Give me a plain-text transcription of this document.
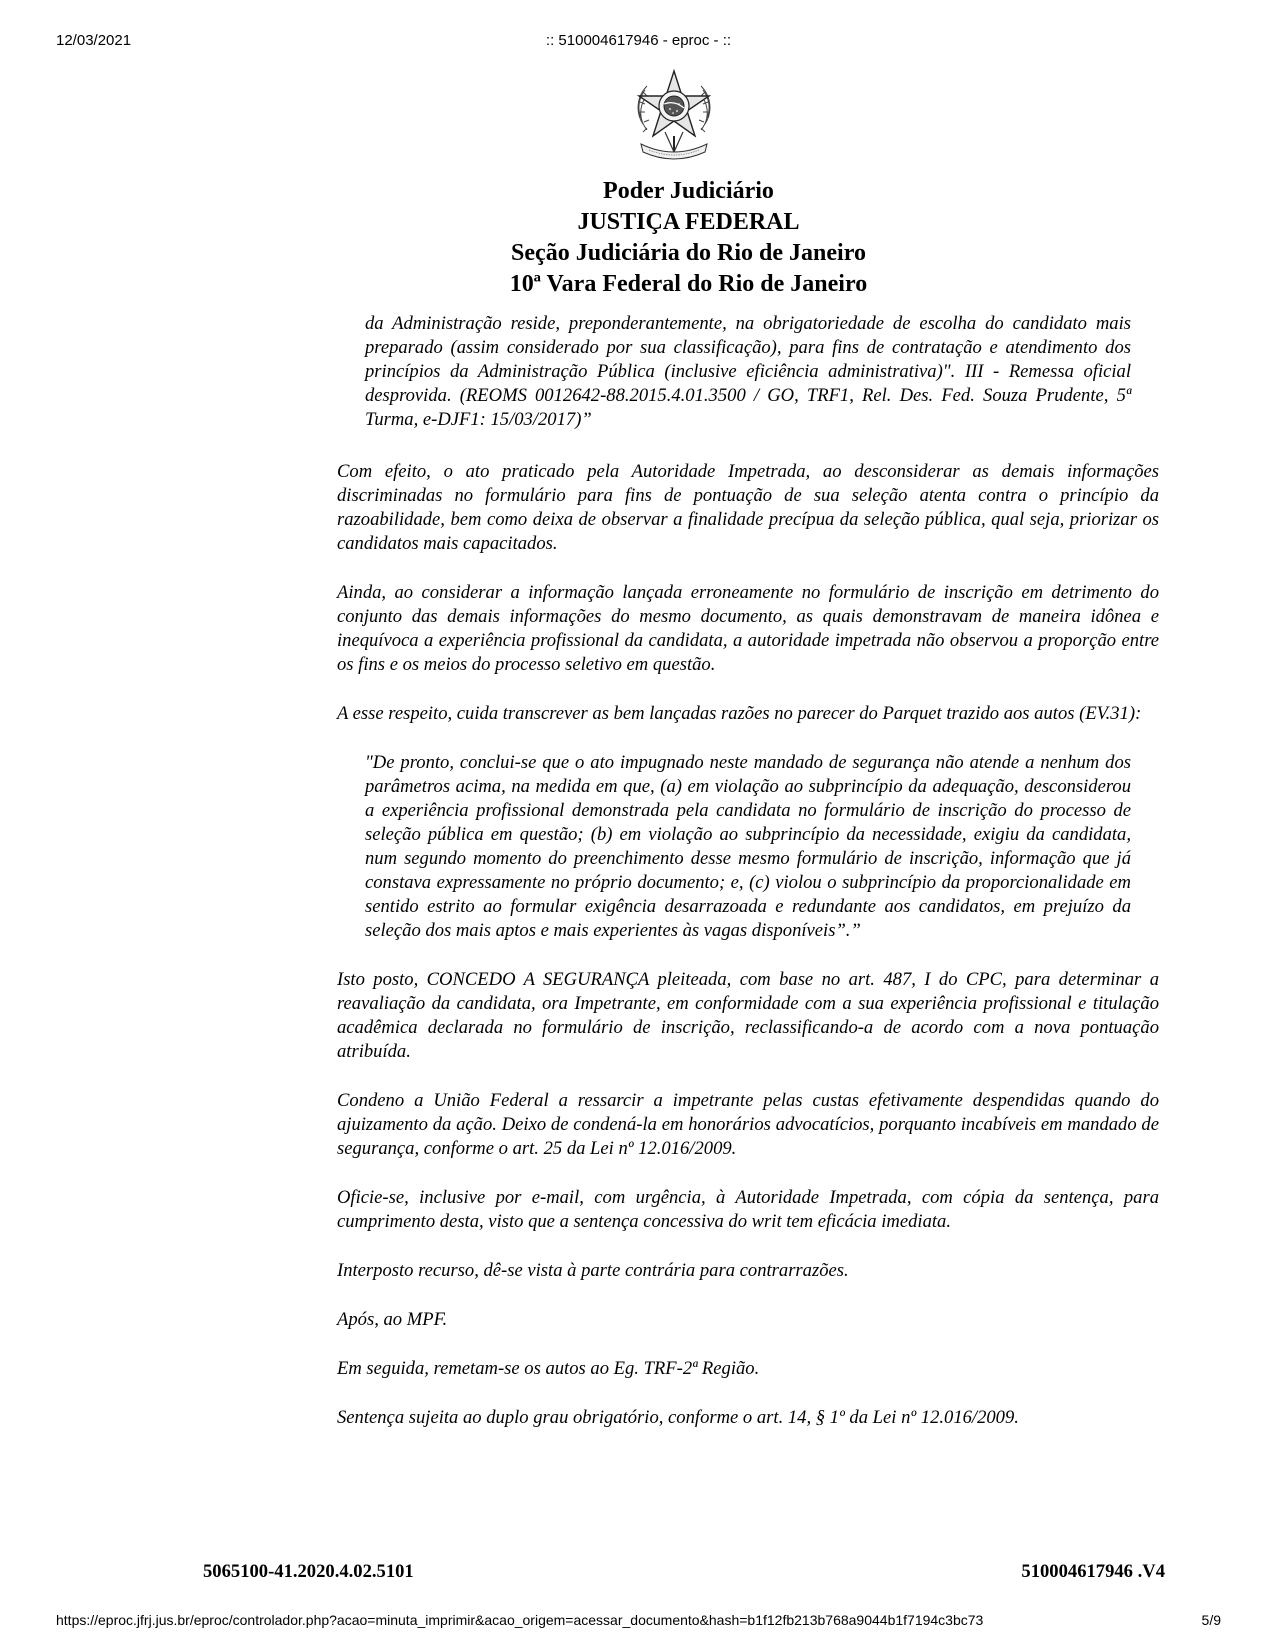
12/03/2021	:: 510004617946 - eproc - ::
Poder Judiciário
JUSTIÇA FEDERAL
Seção Judiciária do Rio de Janeiro
10ª Vara Federal do Rio de Janeiro

da Administração reside, preponderantemente, na obrigatoriedade de escolha do candidato mais preparado (assim considerado por sua classificação), para fins de contratação e atendimento dos princípios da Administração Pública (inclusive eficiência administrativa)". III - Remessa oficial desprovida. (REOMS 0012642-88.2015.4.01.3500 / GO, TRF1, Rel. Des. Fed. Souza Prudente, 5ª Turma, e-DJF1: 15/03/2017)”

Com efeito, o ato praticado pela Autoridade Impetrada, ao desconsiderar as demais informações discriminadas no formulário para fins de pontuação de sua seleção atenta contra o princípio da razoabilidade, bem como deixa de observar a finalidade precípua da seleção pública, qual seja, priorizar os candidatos mais capacitados.

Ainda, ao considerar a informação lançada erroneamente no formulário de inscrição em detrimento do conjunto das demais informações do mesmo documento, as quais demonstravam de maneira idônea e inequívoca a experiência profissional da candidata, a autoridade impetrada não observou a proporção entre os fins e os meios do processo seletivo em questão.

A esse respeito, cuida transcrever as bem lançadas razões no parecer do Parquet trazido aos autos (EV.31):

"De pronto, conclui-se que o ato impugnado neste mandado de segurança não atende a nenhum dos parâmetros acima, na medida em que, (a) em violação ao subprincípio da adequação, desconsiderou a experiência profissional demonstrada pela candidata no formulário de inscrição do processo de seleção pública em questão; (b) em violação ao subprincípio da necessidade, exigiu da candidata, num segundo momento do preenchimento desse mesmo formulário de inscrição, informação que já constava expressamente no próprio documento; e, (c) violou o subprincípio da proporcionalidade em sentido estrito ao formular exigência desarrazoada e redundante aos candidatos, em prejuízo da seleção dos mais aptos e mais experientes às vagas disponíveis”.”

Isto posto, CONCEDO A SEGURANÇA pleiteada, com base no art. 487, I do CPC, para determinar a reavaliação da candidata, ora Impetrante, em conformidade com a sua experiência profissional e titulação acadêmica declarada no formulário de inscrição, reclassificando-a de acordo com a nova pontuação atribuída.

Condeno a União Federal a ressarcir a impetrante pelas custas efetivamente despendidas quando do ajuizamento da ação. Deixo de condená-la em honorários advocatícios, porquanto incabíveis em mandado de segurança, conforme o art. 25 da Lei nº 12.016/2009.

Oficie-se, inclusive por e-mail, com urgência, à Autoridade Impetrada, com cópia da sentença, para cumprimento desta, visto que a sentença concessiva do writ tem eficácia imediata.

Interposto recurso, dê-se vista à parte contrária para contrarrazões.

Após, ao MPF.

Em seguida, remetam-se os autos ao Eg. TRF-2ª Região.

Sentença sujeita ao duplo grau obrigatório, conforme o art. 14, § 1º da Lei nº 12.016/2009.

5065100-41.2020.4.02.5101	510004617946 .V4
https://eproc.jfrj.jus.br/eproc/controlador.php?acao=minuta_imprimir&acao_origem=acessar_documento&hash=b1f12fb213b768a9044b1f7194c3bc73	5/9
